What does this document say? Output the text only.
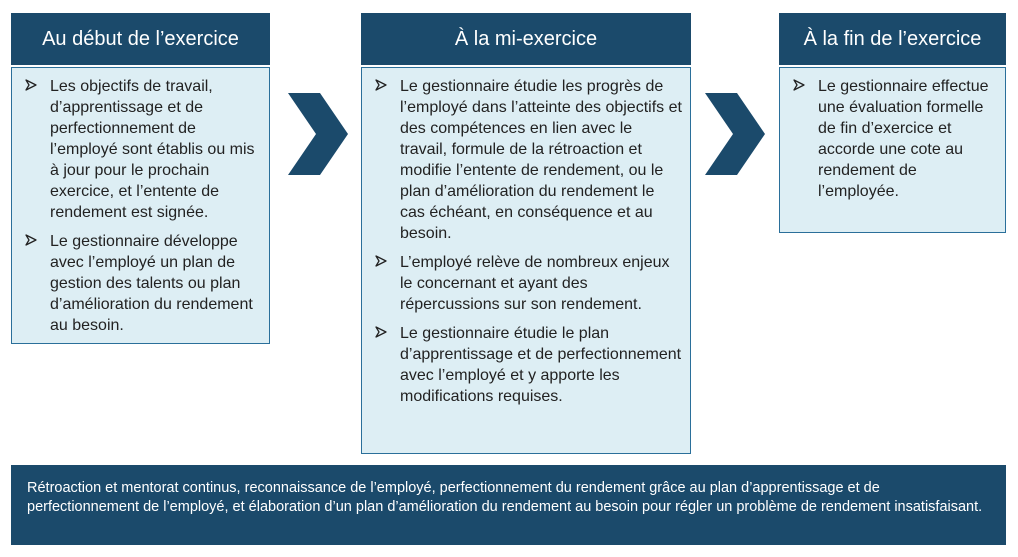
Au début de l’exercice
Les objectifs de travail, d’apprentissage et de perfectionnement de l’employé sont établis ou mis à jour pour le prochain exercice, et l’entente de rendement est signée.
Le gestionnaire développe avec l’employé un plan de gestion des talents ou plan d’amélioration du rendement au besoin.
À la mi-exercice
Le gestionnaire étudie les progrès de l’employé dans l’atteinte des objectifs et des compétences en lien avec le travail, formule de la rétroaction et modifie l’entente de rendement, ou le plan d’amélioration du rendement le cas échéant, en conséquence et au besoin.
L’employé relève de nombreux enjeux le concernant et ayant des répercussions sur son rendement.
Le gestionnaire étudie le plan d’apprentissage et de perfectionnement avec l’employé et y apporte les modifications requises.
À la fin de l’exercice
Le gestionnaire effectue une évaluation formelle de fin d’exercice et accorde une cote au rendement de l’employée.
Rétroaction et mentorat continus, reconnaissance de l’employé, perfectionnement du rendement grâce au plan d’apprentissage et de perfectionnement de l’employé, et élaboration d’un plan d’amélioration du rendement au besoin pour régler un problème de rendement insatisfaisant.
